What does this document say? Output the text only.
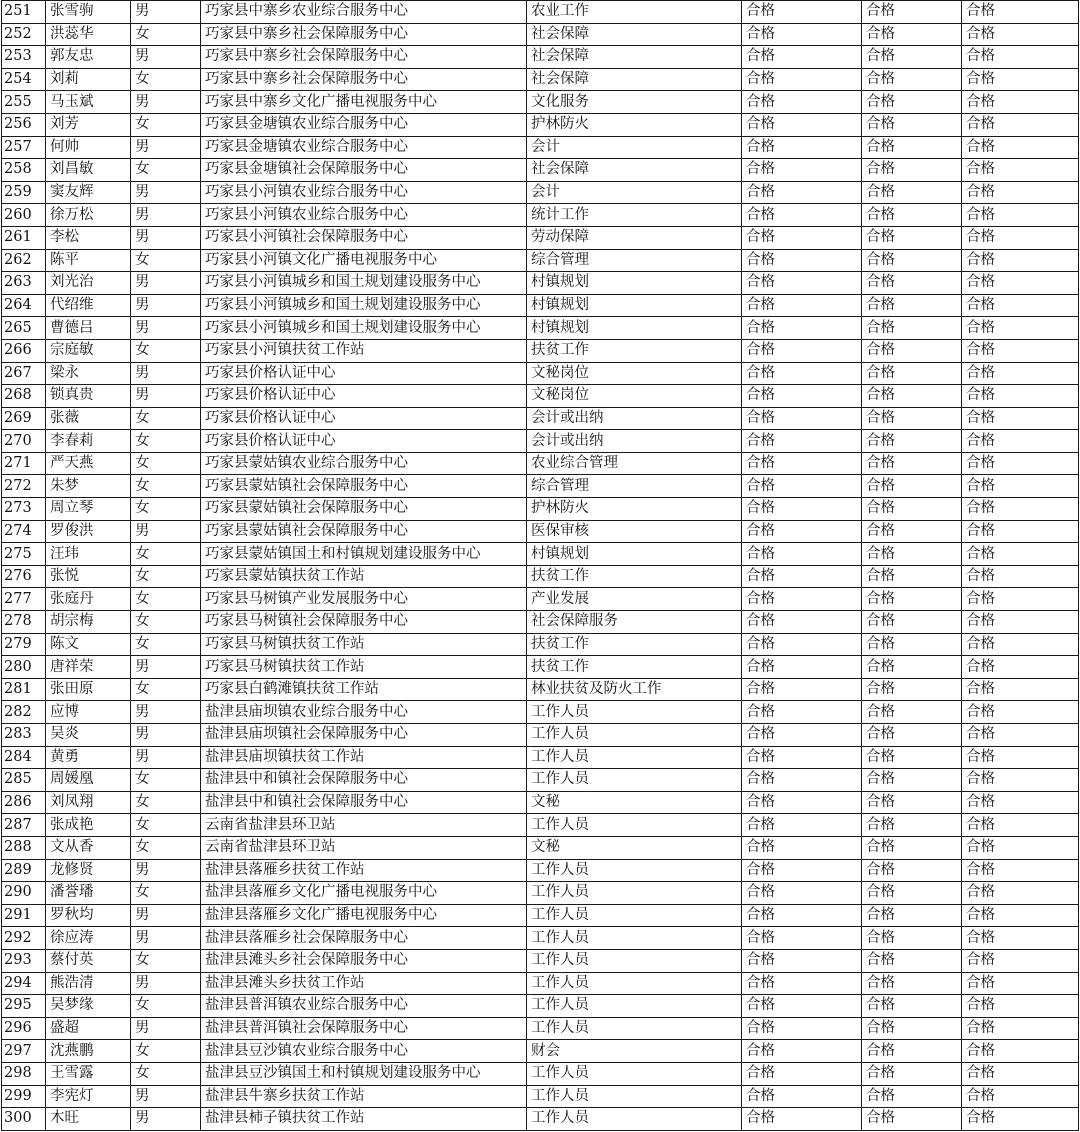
251	张雪驹	男	巧家县中寨乡农业综合服务中心	农业工作	合格	合格	合格
252	洪蕊华	女	巧家县中寨乡社会保障服务中心	社会保障	合格	合格	合格
253	郭友忠	男	巧家县中寨乡社会保障服务中心	社会保障	合格	合格	合格
254	刘莉	女	巧家县中寨乡社会保障服务中心	社会保障	合格	合格	合格
255	马玉斌	男	巧家县中寨乡文化广播电视服务中心	文化服务	合格	合格	合格
256	刘芳	女	巧家县金塘镇农业综合服务中心	护林防火	合格	合格	合格
257	何帅	男	巧家县金塘镇农业综合服务中心	会计	合格	合格	合格
258	刘昌敏	女	巧家县金塘镇社会保障服务中心	社会保障	合格	合格	合格
259	窦友辉	男	巧家县小河镇农业综合服务中心	会计	合格	合格	合格
260	徐万松	男	巧家县小河镇农业综合服务中心	统计工作	合格	合格	合格
261	李松	男	巧家县小河镇社会保障服务中心	劳动保障	合格	合格	合格
262	陈平	女	巧家县小河镇文化广播电视服务中心	综合管理	合格	合格	合格
263	刘光治	男	巧家县小河镇城乡和国土规划建设服务中心	村镇规划	合格	合格	合格
264	代绍维	男	巧家县小河镇城乡和国土规划建设服务中心	村镇规划	合格	合格	合格
265	曹德吕	男	巧家县小河镇城乡和国土规划建设服务中心	村镇规划	合格	合格	合格
266	宗庭敏	女	巧家县小河镇扶贫工作站	扶贫工作	合格	合格	合格
267	梁永	男	巧家县价格认证中心	文秘岗位	合格	合格	合格
268	锁真贵	男	巧家县价格认证中心	文秘岗位	合格	合格	合格
269	张薇	女	巧家县价格认证中心	会计或出纳	合格	合格	合格
270	李春莉	女	巧家县价格认证中心	会计或出纳	合格	合格	合格
271	严天燕	女	巧家县蒙姑镇农业综合服务中心	农业综合管理	合格	合格	合格
272	朱梦	女	巧家县蒙姑镇社会保障服务中心	综合管理	合格	合格	合格
273	周立琴	女	巧家县蒙姑镇社会保障服务中心	护林防火	合格	合格	合格
274	罗俊洪	男	巧家县蒙姑镇社会保障服务中心	医保审核	合格	合格	合格
275	汪玮	女	巧家县蒙姑镇国土和村镇规划建设服务中心	村镇规划	合格	合格	合格
276	张悦	女	巧家县蒙姑镇扶贫工作站	扶贫工作	合格	合格	合格
277	张庭丹	女	巧家县马树镇产业发展服务中心	产业发展	合格	合格	合格
278	胡宗梅	女	巧家县马树镇社会保障服务中心	社会保障服务	合格	合格	合格
279	陈文	女	巧家县马树镇扶贫工作站	扶贫工作	合格	合格	合格
280	唐祥荣	男	巧家县马树镇扶贫工作站	扶贫工作	合格	合格	合格
281	张田原	女	巧家县白鹤滩镇扶贫工作站	林业扶贫及防火工作	合格	合格	合格
282	应博	男	盐津县庙坝镇农业综合服务中心	工作人员	合格	合格	合格
283	吴炎	男	盐津县庙坝镇社会保障服务中心	工作人员	合格	合格	合格
284	黄勇	男	盐津县庙坝镇扶贫工作站	工作人员	合格	合格	合格
285	周媛凰	女	盐津县中和镇社会保障服务中心	工作人员	合格	合格	合格
286	刘凤翔	女	盐津县中和镇社会保障服务中心	文秘	合格	合格	合格
287	张成艳	女	云南省盐津县环卫站	工作人员	合格	合格	合格
288	文从香	女	云南省盐津县环卫站	文秘	合格	合格	合格
289	龙修贤	男	盐津县落雁乡扶贫工作站	工作人员	合格	合格	合格
290	潘誉璠	女	盐津县落雁乡文化广播电视服务中心	工作人员	合格	合格	合格
291	罗秋均	男	盐津县落雁乡文化广播电视服务中心	工作人员	合格	合格	合格
292	徐应涛	男	盐津县落雁乡社会保障服务中心	工作人员	合格	合格	合格
293	蔡付英	女	盐津县滩头乡社会保障服务中心	工作人员	合格	合格	合格
294	熊浩清	男	盐津县滩头乡扶贫工作站	工作人员	合格	合格	合格
295	吴梦缘	女	盐津县普洱镇农业综合服务中心	工作人员	合格	合格	合格
296	盛超	男	盐津县普洱镇社会保障服务中心	工作人员	合格	合格	合格
297	沈燕鹏	女	盐津县豆沙镇农业综合服务中心	财会	合格	合格	合格
298	王雪露	女	盐津县豆沙镇国土和村镇规划建设服务中心	工作人员	合格	合格	合格
299	李宪灯	男	盐津县牛寨乡扶贫工作站	工作人员	合格	合格	合格
300	木旺	男	盐津县柿子镇扶贫工作站	工作人员	合格	合格	合格
